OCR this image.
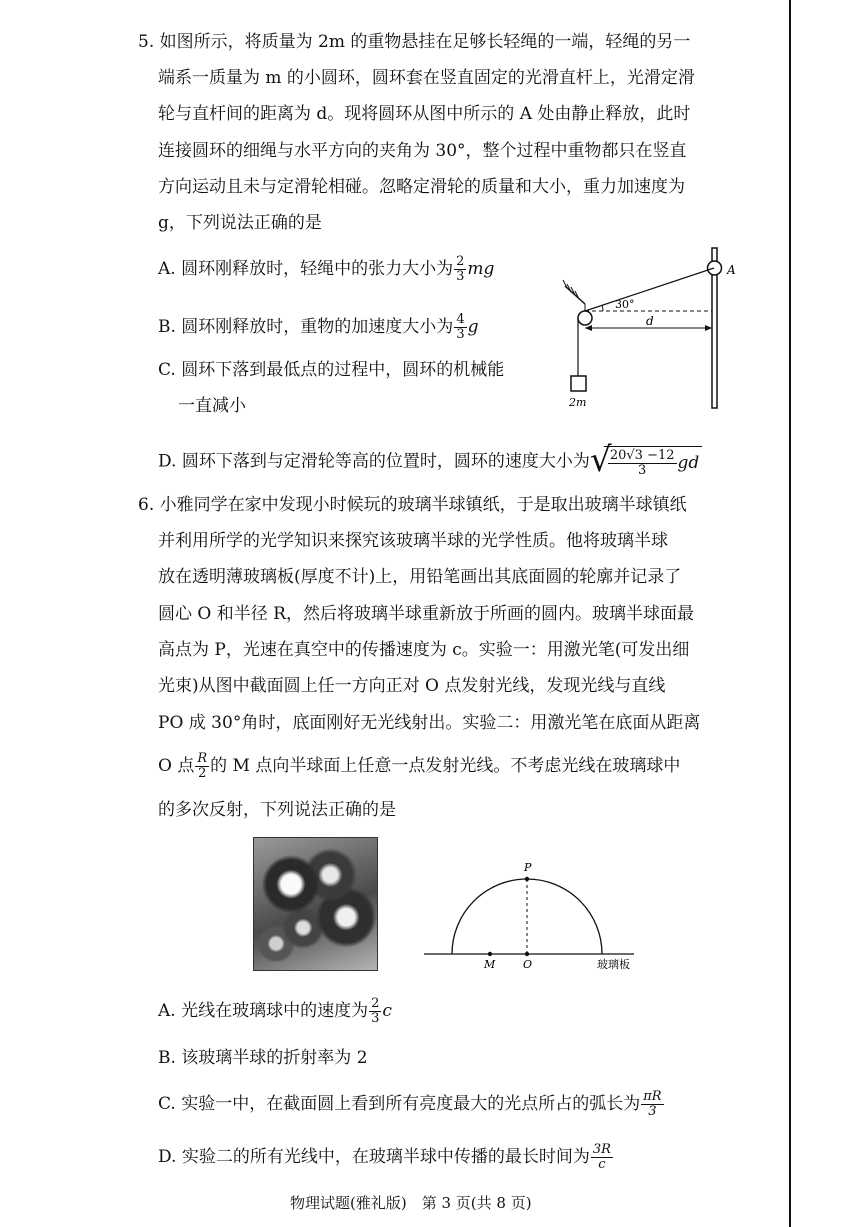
5. 如图所示，将质量为 2m 的重物悬挂在足够长轻绳的一端，轻绳的另一
端系一质量为 m 的小圆环，圆环套在竖直固定的光滑直杆上，光滑定滑
轮与直杆间的距离为 d。现将圆环从图中所示的 A 处由静止释放，此时
连接圆环的细绳与水平方向的夹角为 30°，整个过程中重物都只在竖直
方向运动且未与定滑轮相碰。忽略定滑轮的质量和大小，重力加速度为
g，下列说法正确的是
A. 圆环刚释放时，轻绳中的张力大小为 $\frac{2}{3}$ mg
B. 圆环刚释放时，重物的加速度大小为 $\frac{4}{3}$ g
C. 圆环下落到最低点的过程中，圆环的机械能
一直减小
D. 圆环下落到与定滑轮等高的位置时，圆环的速度大小为 √
$\frac{20√3 -12}{3}$ gd
A
30°
d
2m
6. 小雅同学在家中发现小时候玩的玻璃半球镇纸，于是取出玻璃半球镇纸
并利用所学的光学知识来探究该玻璃半球的光学性质。他将玻璃半球
放在透明薄玻璃板(厚度不计)上，用铅笔画出其底面圆的轮廓并记录了
圆心 O 和半径 R，然后将玻璃半球重新放于所画的圆内。玻璃半球面最
高点为 P，光速在真空中的传播速度为 c。实验一：用激光笔(可发出细
光束)从图中截面圆上任一方向正对 O 点发射光线，发现光线与直线
PO 成 30°角时，底面刚好无光线射出。实验二：用激光笔在底面从距离
O 点 $\frac{R}{2}$ 的 M 点向半球面上任意一点发射光线。不考虑光线在玻璃球中
的多次反射，下列说法正确的是
P
M	O	玻璃板
A. 光线在玻璃球中的速度为 $\frac{2}{3}$ c
B. 该玻璃半球的折射率为 2
C. 实验一中，在截面圆上看到所有亮度最大的光点所占的弧长为 $\frac{\pi R}{3}$
D. 实验二的所有光线中，在玻璃半球中传播的最长时间为 $\frac{3R}{c}$
物理试题(雅礼版)　第 3 页(共 8 页)
